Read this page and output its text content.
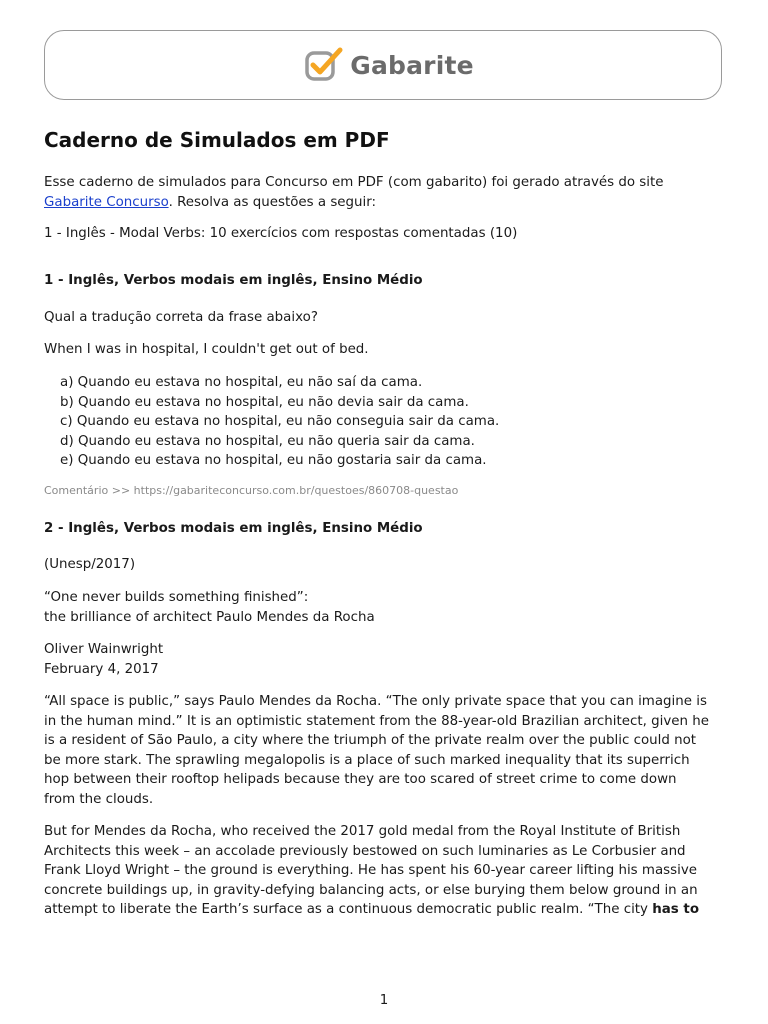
Gabarite
Caderno de Simulados em PDF

Esse caderno de simulados para Concurso em PDF (com gabarito) foi gerado através do site
Gabarite Concurso. Resolva as questões a seguir:

1 - Inglês - Modal Verbs: 10 exercícios com respostas comentadas (10)

1 - Inglês, Verbos modais em inglês, Ensino Médio

Qual a tradução correta da frase abaixo?

When I was in hospital, I couldn't get out of bed.

a) Quando eu estava no hospital, eu não saí da cama.
b) Quando eu estava no hospital, eu não devia sair da cama.
c) Quando eu estava no hospital, eu não conseguia sair da cama.
d) Quando eu estava no hospital, eu não queria sair da cama.
e) Quando eu estava no hospital, eu não gostaria sair da cama.
Comentário >> https://gabariteconcurso.com.br/questoes/860708-questao

2 - Inglês, Verbos modais em inglês, Ensino Médio

(Unesp/2017)

“One never builds something finished”:
the brilliance of architect Paulo Mendes da Rocha

Oliver Wainwright
February 4, 2017

“All space is public,” says Paulo Mendes da Rocha. “The only private space that you can imagine is
in the human mind.” It is an optimistic statement from the 88-year-old Brazilian architect, given he
is a resident of São Paulo, a city where the triumph of the private realm over the public could not
be more stark. The sprawling megalopolis is a place of such marked inequality that its superrich
hop between their rooftop helipads because they are too scared of street crime to come down
from the clouds.

But for Mendes da Rocha, who received the 2017 gold medal from the Royal Institute of British
Architects this week – an accolade previously bestowed on such luminaries as Le Corbusier and
Frank Lloyd Wright – the ground is everything. He has spent his 60-year career lifting his massive
concrete buildings up, in gravity-defying balancing acts, or else burying them below ground in an
attempt to liberate the Earth’s surface as a continuous democratic public realm. “The city has to

1
